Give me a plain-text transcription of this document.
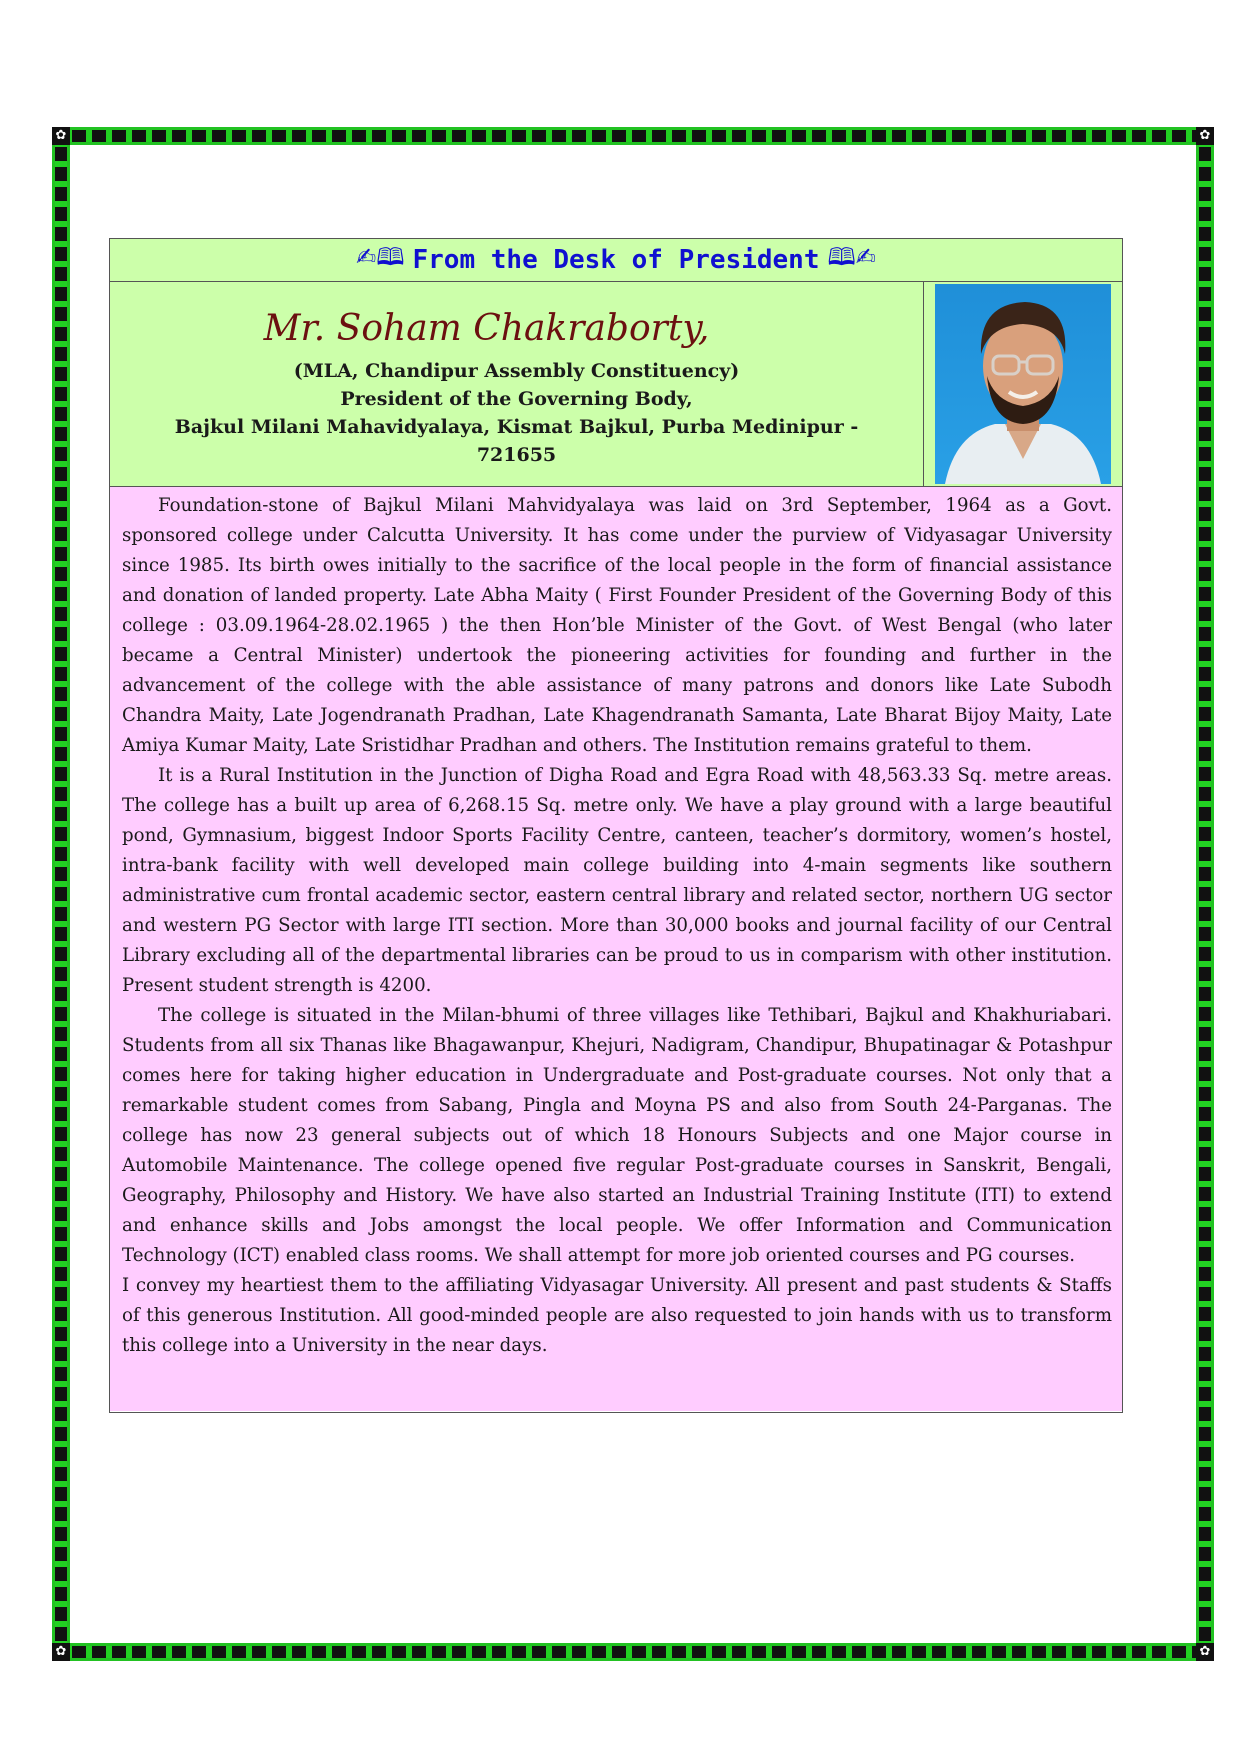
✿	✿
✿	✿
✍🕮 From the Desk of President 🕮✍
Mr. Soham Chakraborty,
(MLA, Chandipur Assembly Constituency)
President of the Governing Body,
Bajkul Milani Mahavidyalaya, Kismat Bajkul, Purba Medinipur -
721655

Foundation-stone of Bajkul Milani Mahvidyalaya was laid on 3rd September, 1964 as a Govt. sponsored college under Calcutta University. It has come under the purview of Vidyasagar University since 1985. Its birth owes initially to the sacrifice of the local people in the form of financial assistance and donation of landed property. Late Abha Maity ( First Founder President of the Governing Body of this college : 03.09.1964-28.02.1965 ) the then Hon’ble Minister of the Govt. of West Bengal (who later became a Central Minister) undertook the pioneering activities for founding and further in the advancement of the college with the able assistance of many patrons and donors like Late Subodh Chandra Maity, Late Jogendranath Pradhan, Late Khagendranath Samanta, Late Bharat Bijoy Maity, Late Amiya Kumar Maity, Late Sristidhar Pradhan and others. The Institution remains grateful to them.

It is a Rural Institution in the Junction of Digha Road and Egra Road with 48,563.33 Sq. metre areas. The college has a built up area of 6,268.15 Sq. metre only. We have a play ground with a large beautiful pond, Gymnasium, biggest Indoor Sports Facility Centre, canteen, teacher’s dormitory, women’s hostel, intra-bank facility with well developed main college building into 4-main segments like southern administrative cum frontal academic sector, eastern central library and related sector, northern UG sector and western PG Sector with large ITI section. More than 30,000 books and journal facility of our Central Library excluding all of the departmental libraries can be proud to us in comparism with other institution. Present student strength is 4200.

The college is situated in the Milan-bhumi of three villages like Tethibari, Bajkul and Khakhuriabari. Students from all six Thanas like Bhagawanpur, Khejuri, Nadigram, Chandipur, Bhupatinagar & Potashpur comes here for taking higher education in Undergraduate and Post-graduate courses. Not only that a remarkable student comes from Sabang, Pingla and Moyna PS and also from South 24-Parganas. The college has now 23 general subjects out of which 18 Honours Subjects and one Major course in Automobile Maintenance. The college opened five regular Post-graduate courses in Sanskrit, Bengali, Geography, Philosophy and History. We have also started an Industrial Training Institute (ITI) to extend and enhance skills and Jobs amongst the local people. We offer Information and Communication Technology (ICT) enabled class rooms. We shall attempt for more job oriented courses and PG courses.

I convey my heartiest them to the affiliating Vidyasagar University. All present and past students & Staffs of this generous Institution. All good-minded people are also requested to join hands with us to transform this college into a University in the near days.
